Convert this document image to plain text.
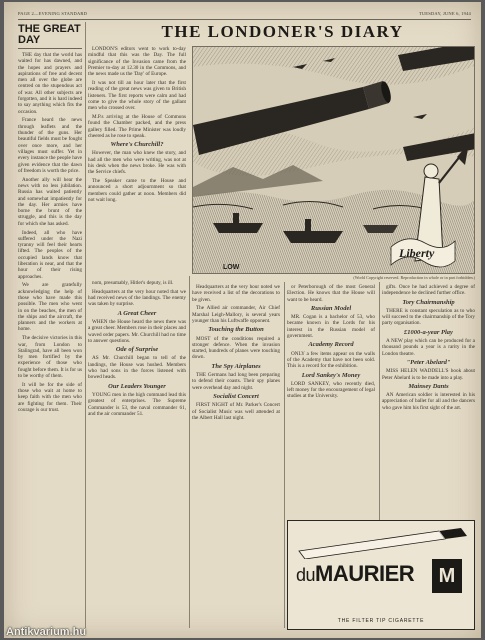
PAGE 2—EVENING STANDARD	TUESDAY, JUNE 6, 1944
THE GREAT DAY

THE day that the world has waited for has dawned, and the hopes and prayers and aspirations of free and decent men all over the globe are centred on the stupendous act of war. All other subjects are forgotten, and it is hard indeed to say anything which fits the occasion.

France heard the news through leaflets and the thunder of the guns. Her beautiful fields must be fought over once more, and her villages must suffer. Yet in every instance the people have given evidence that the dawn of freedom is worth the price.

Another ally will hear the news with no less jubilation. Russia has waited patiently and somewhat impatiently for the day. Her armies have borne the brunt of the struggle, and this is the day for which she has asked.

Indeed, all who have suffered under the Nazi tyranny will feel their hearts lifted. The peoples of the occupied lands know that liberation is near, and that the hour of their rising approaches.

We are gratefully acknowledging the help of those who have made this possible. The men who went in on the beaches, the men of the ships and the aircraft, the planners and the workers at home.

The decisive victories in this war, from London to Stalingrad, have all been won by men fortified by the experience of those who fought before them. It is for us to be worthy of them.

It will be for the side of those who wait at home to keep faith with the men who are fighting for them. Their courage is our trust.

THE LONDONER'S DIARY

LONDON'S editors went to work to-day mindful that this was the Day. The full significance of the Invasion came from the Premier to-day at 12.30 in the Commons, and the news made us the 'Day' of Europe.

It was not till an hour later that the first reading of the great news was given to British listeners. The first reports were calm and had come to give the whole story of the gallant men who crossed over.

M.P.s arriving at the House of Commons found the Chamber packed, and the press gallery filled. The Prime Minister was loudly cheered as he rose to speak.

Where's Churchill?

However, the man who knew the story, and had all the men who were writing, was not at his desk when the news broke. He was with the Service chiefs.

The Speaker came to the House and announced a short adjournment so that members could gather at noon. Members did not wait long.

Liberty
LOW
(World Copyright reserved. Reproduction in whole or in part forbidden.)

nom, presumably, Hitler's deputy, is ill.

Headquarters at the very hour noted that we had received news of the landings. The enemy was taken by surprise.

A Great Cheer

WHEN the House heard the news there was a great cheer. Members rose in their places and waved order papers. Mr. Churchill had no time to answer questions.

Ode of Surprise

AS Mr. Churchill began to tell of the landings, the House was hushed. Members who had sons in the forces listened with bowed heads.

Our Leaders Younger

YOUNG men in the high command lead this greatest of enterprises. The Supreme Commander is 53, the naval commander 61, and the air commander 51.

Headquarters at the very hour noted we have received a list of the decorations to be given.

The Allied air commander, Air Chief Marshal Leigh-Mallory, is several years younger than his Luftwaffe opponent.

Touching the Button

MOST of the conditions required a stronger defence. When the invasion started, hundreds of planes were touching down.

The Spy Airplanes

THE Germans had long been preparing to defend their coasts. Their spy planes were overhead day and night.

Socialist Concert

FIRST NIGHT of Mr. Parker's Concert of Socialist Music was well attended at the Albert Hall last night.

or Peterborough of the most General Election. He knows that the House will want to be heard.

Russian Model

MR. Cogan is a bachelor of 53, who became known in the Lords for his interest in the Russian model of government.

Academy Record

ONLY a few items appear on the walls of the Academy that have not been sold. This is a record for the exhibition.

Lord Sankey's Money

LORD SANKEY, who recently died, left money for the encouragement of legal studies at the University.

gifts. Once he had achieved a degree of independence he declined further office.

Tory Chairmanship

THERE is constant speculation as to who will succeed to the chairmanship of the Tory party organisation.

£1000-a-year Play

A NEW play which can be produced for a thousand pounds a year is a rarity in the London theatre.

"Peter Abelard"

MISS HELEN WADDELL'S book about Peter Abelard is to be made into a play.

Mainsey Dants

AN American soldier is interested in his appreciation of ballet for all and the dancers who gave him his first sight of the art.

duMAURIER	M
THE FILTER TIP CIGARETTE
Antikvarium.hu
